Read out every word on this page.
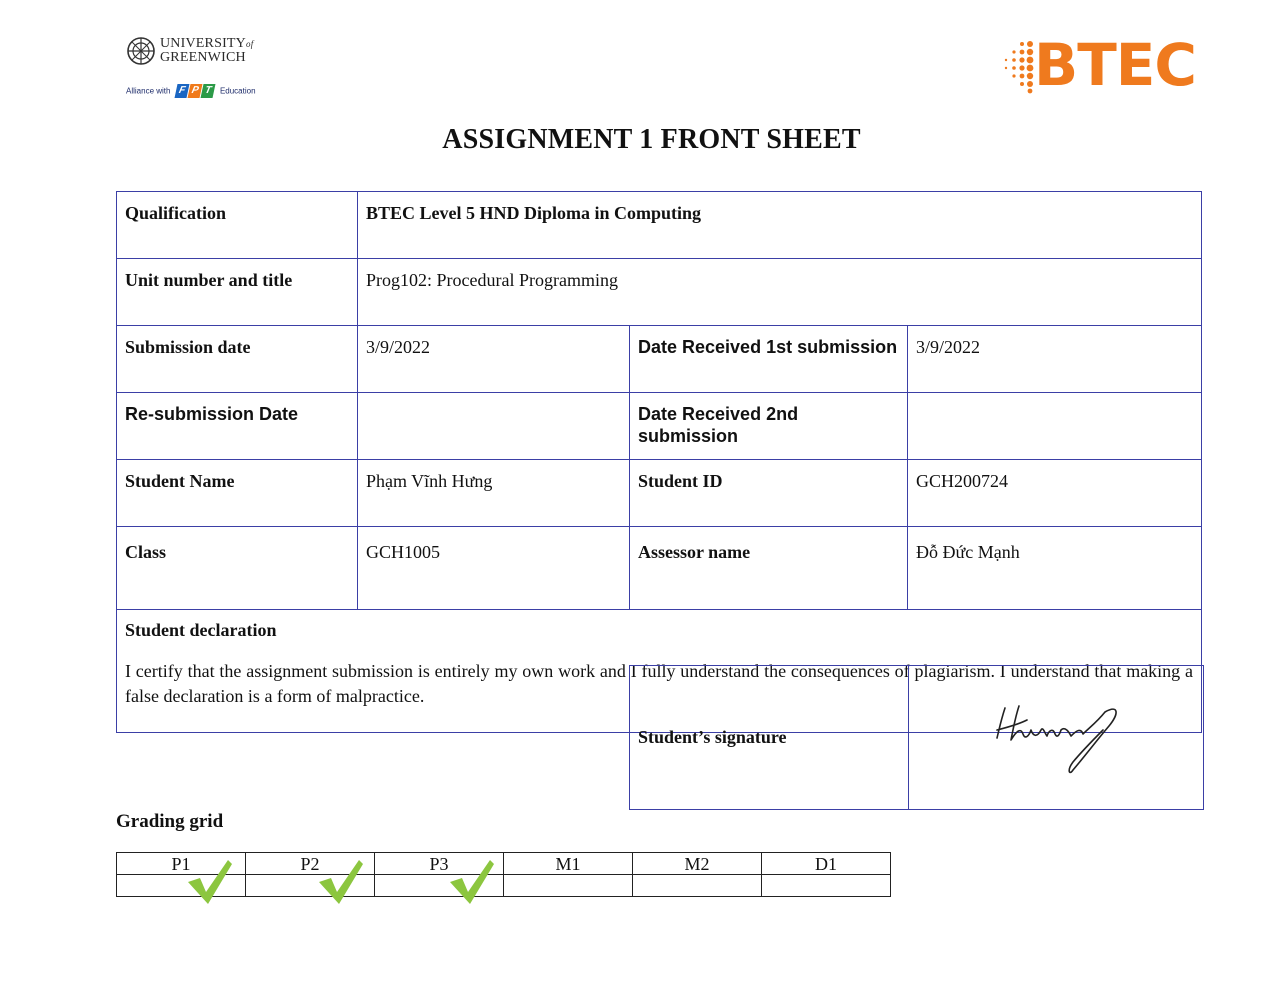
UNIVERSITYof
GREENWICH
Alliance with F P T Education	BTEC
ASSIGNMENT 1 FRONT SHEET
Qualification	BTEC Level 5 HND Diploma in Computing		
Unit number and title	Prog102: Procedural Programming		
Submission date	3/9/2022	Date Received 1st submission	3/9/2022
Re-submission Date		Date Received 2nd submission	
Student Name	Phạm Vĩnh Hưng	Student ID	GCH200724
Class	GCH1005	Assessor name	Đỗ Đức Mạnh

Student declaration
I certify that the assignment submission is entirely my own work and I fully understand the consequences of plagiarism. I understand that making a false declaration is a form of malpractice.			
Student’s signature	
Grading grid
P1	P2	P3	M1	M2	D1
